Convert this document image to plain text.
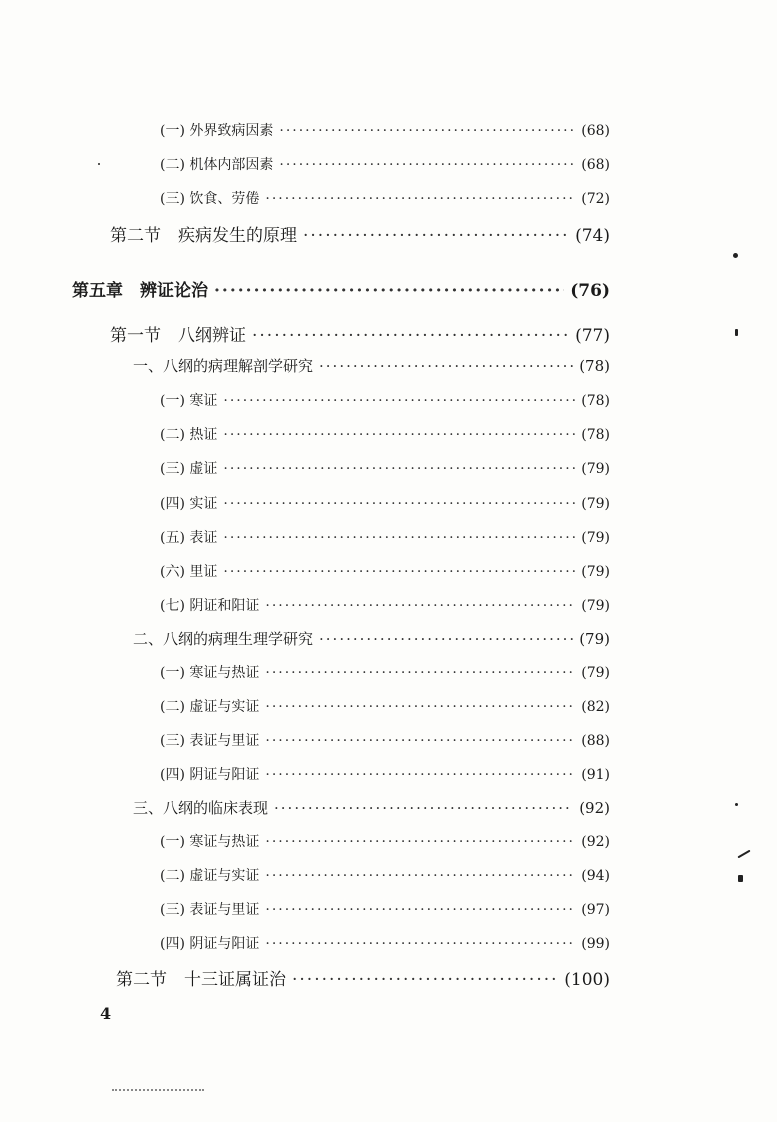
(一) 外界致病因素 ·····	(68)
(二) 机体内部因素 ·····	(68)
(三) 饮食、劳倦 ·····	(72)
第二节　疾病发生的原理 ·····	(74)
第五章　辨证论治 ·····	(76)
第一节　八纲辨证 ·····	(77)
一、八纲的病理解剖学研究 ·····	(78)
(一) 寒证 ·····	(78)
(二) 热证 ·····	(78)
(三) 虚证 ·····	(79)
(四) 实证 ·····	(79)
(五) 表证 ·····	(79)
(六) 里证 ·····	(79)
(七) 阴证和阳证 ·····	(79)
二、八纲的病理生理学研究 ·····	(79)
(一) 寒证与热证 ·····	(79)
(二) 虚证与实证 ·····	(82)
(三) 表证与里证 ·····	(88)
(四) 阴证与阳证 ·····	(91)
三、八纲的临床表现 ·····	(92)
(一) 寒证与热证 ·····	(92)
(二) 虚证与实证 ·····	(94)
(三) 表证与里证 ·····	(97)
(四) 阴证与阳证 ·····	(99)
第二节　十三证属证治 ·····	(100)
4
